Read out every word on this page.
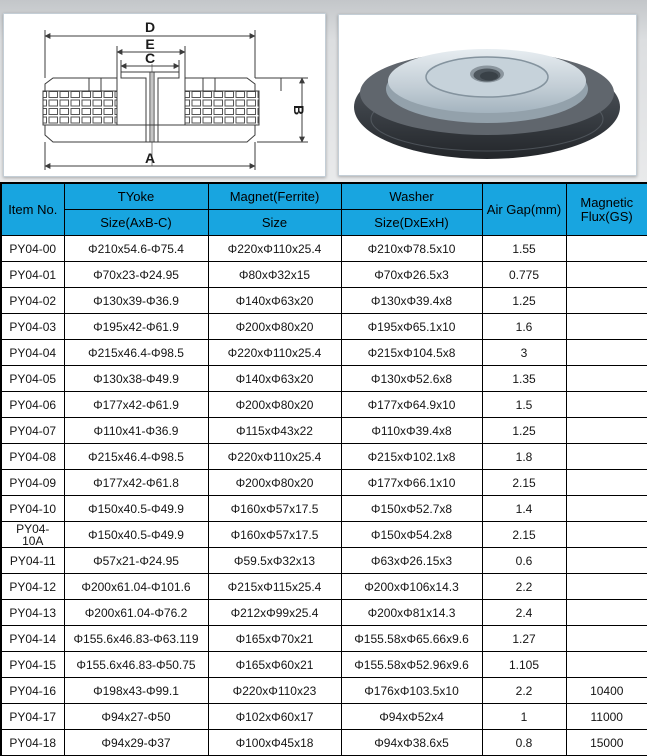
D
E
C
B
A
Item No.	TYoke	Magnet(Ferrite)	Washer	Air Gap(mm)	Magnetic Flux(GS)
	Size(AxB-C)	Size	Size(DxExH)		
PY04-00	Φ210x54.6-Φ75.4	Φ220xΦ110x25.4	Φ210xΦ78.5x10	1.55	
PY04-01	Φ70x23-Φ24.95	Φ80xΦ32x15	Φ70xΦ26.5x3	0.775	
PY04-02	Φ130x39-Φ36.9	Φ140xΦ63x20	Φ130xΦ39.4x8	1.25	
PY04-03	Φ195x42-Φ61.9	Φ200xΦ80x20	Φ195xΦ65.1x10	1.6	
PY04-04	Φ215x46.4-Φ98.5	Φ220xΦ110x25.4	Φ215xΦ104.5x8	3	
PY04-05	Φ130x38-Φ49.9	Φ140xΦ63x20	Φ130xΦ52.6x8	1.35	
PY04-06	Φ177x42-Φ61.9	Φ200xΦ80x20	Φ177xΦ64.9x10	1.5	
PY04-07	Φ110x41-Φ36.9	Φ115xΦ43x22	Φ110xΦ39.4x8	1.25	
PY04-08	Φ215x46.4-Φ98.5	Φ220xΦ110x25.4	Φ215xΦ102.1x8	1.8	
PY04-09	Φ177x42-Φ61.8	Φ200xΦ80x20	Φ177xΦ66.1x10	2.15	
PY04-10	Φ150x40.5-Φ49.9	Φ160xΦ57x17.5	Φ150xΦ52.7x8	1.4	
PY04-10A	Φ150x40.5-Φ49.9	Φ160xΦ57x17.5	Φ150xΦ54.2x8	2.15	
PY04-11	Φ57x21-Φ24.95	Φ59.5xΦ32x13	Φ63xΦ26.15x3	0.6	
PY04-12	Φ200x61.04-Φ101.6	Φ215xΦ115x25.4	Φ200xΦ106x14.3	2.2	
PY04-13	Φ200x61.04-Φ76.2	Φ212xΦ99x25.4	Φ200xΦ81x14.3	2.4	
PY04-14	Φ155.6x46.83-Φ63.119	Φ165xΦ70x21	Φ155.58xΦ65.66x9.6	1.27	
PY04-15	Φ155.6x46.83-Φ50.75	Φ165xΦ60x21	Φ155.58xΦ52.96x9.6	1.105	
PY04-16	Φ198x43-Φ99.1	Φ220xΦ110x23	Φ176xΦ103.5x10	2.2	10400
PY04-17	Φ94x27-Φ50	Φ102xΦ60x17	Φ94xΦ52x4	1	11000
PY04-18	Φ94x29-Φ37	Φ100xΦ45x18	Φ94xΦ38.6x5	0.8	15000
